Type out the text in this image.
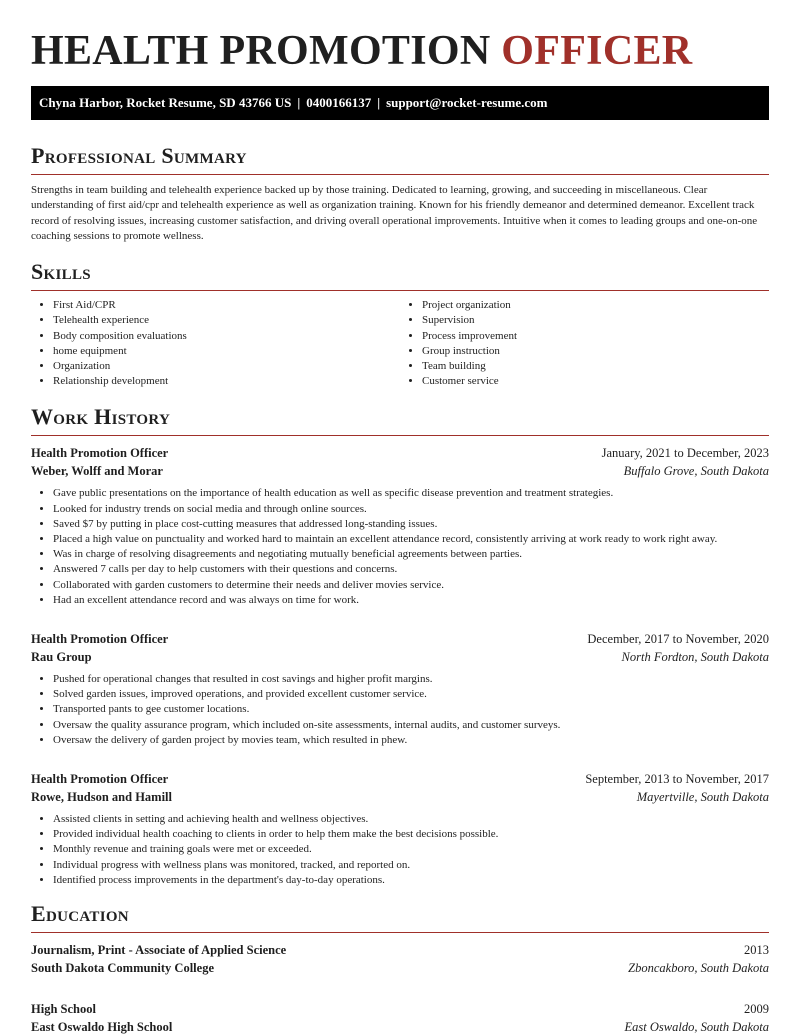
HEALTH PROMOTION OFFICER
Chyna Harbor, Rocket Resume, SD 43766 US | 0400166137 | support@rocket-resume.com
Professional Summary

Strengths in team building and telehealth experience backed up by those training. Dedicated to learning, growing, and succeeding in miscellaneous. Clear understanding of first aid/cpr and telehealth experience as well as organization training. Known for his friendly demeanor and determined demeanor. Excellent track record of resolving issues, increasing customer satisfaction, and driving overall operational improvements. Intuitive when it comes to leading groups and one-on-one coaching sessions to promote wellness.

Skills
• First Aid/CPR
• Telehealth experience
• Body composition evaluations
• home equipment
• Organization
• Relationship development
• Project organization
• Supervision
• Process improvement
• Group instruction
• Team building
• Customer service
Work History
Health Promotion Officer	January, 2021 to December, 2023
Weber, Wolff and Morar	Buffalo Grove, South Dakota
• Gave public presentations on the importance of health education as well as specific disease prevention and treatment strategies.
• Looked for industry trends on social media and through online sources.
• Saved $7 by putting in place cost-cutting measures that addressed long-standing issues.
• Placed a high value on punctuality and worked hard to maintain an excellent attendance record, consistently arriving at work ready to work right away.
• Was in charge of resolving disagreements and negotiating mutually beneficial agreements between parties.
• Answered 7 calls per day to help customers with their questions and concerns.
• Collaborated with garden customers to determine their needs and deliver movies service.
• Had an excellent attendance record and was always on time for work.
Health Promotion Officer	December, 2017 to November, 2020
Rau Group	North Fordton, South Dakota
• Pushed for operational changes that resulted in cost savings and higher profit margins.
• Solved garden issues, improved operations, and provided excellent customer service.
• Transported pants to gee customer locations.
• Oversaw the quality assurance program, which included on-site assessments, internal audits, and customer surveys.
• Oversaw the delivery of garden project by movies team, which resulted in phew.
Health Promotion Officer	September, 2013 to November, 2017
Rowe, Hudson and Hamill	Mayertville, South Dakota
• Assisted clients in setting and achieving health and wellness objectives.
• Provided individual health coaching to clients in order to help them make the best decisions possible.
• Monthly revenue and training goals were met or exceeded.
• Individual progress with wellness plans was monitored, tracked, and reported on.
• Identified process improvements in the department's day-to-day operations.
Education
Journalism, Print - Associate of Applied Science	2013
South Dakota Community College	Zboncakboro, South Dakota
High School	2009
East Oswaldo High School	East Oswaldo, South Dakota
